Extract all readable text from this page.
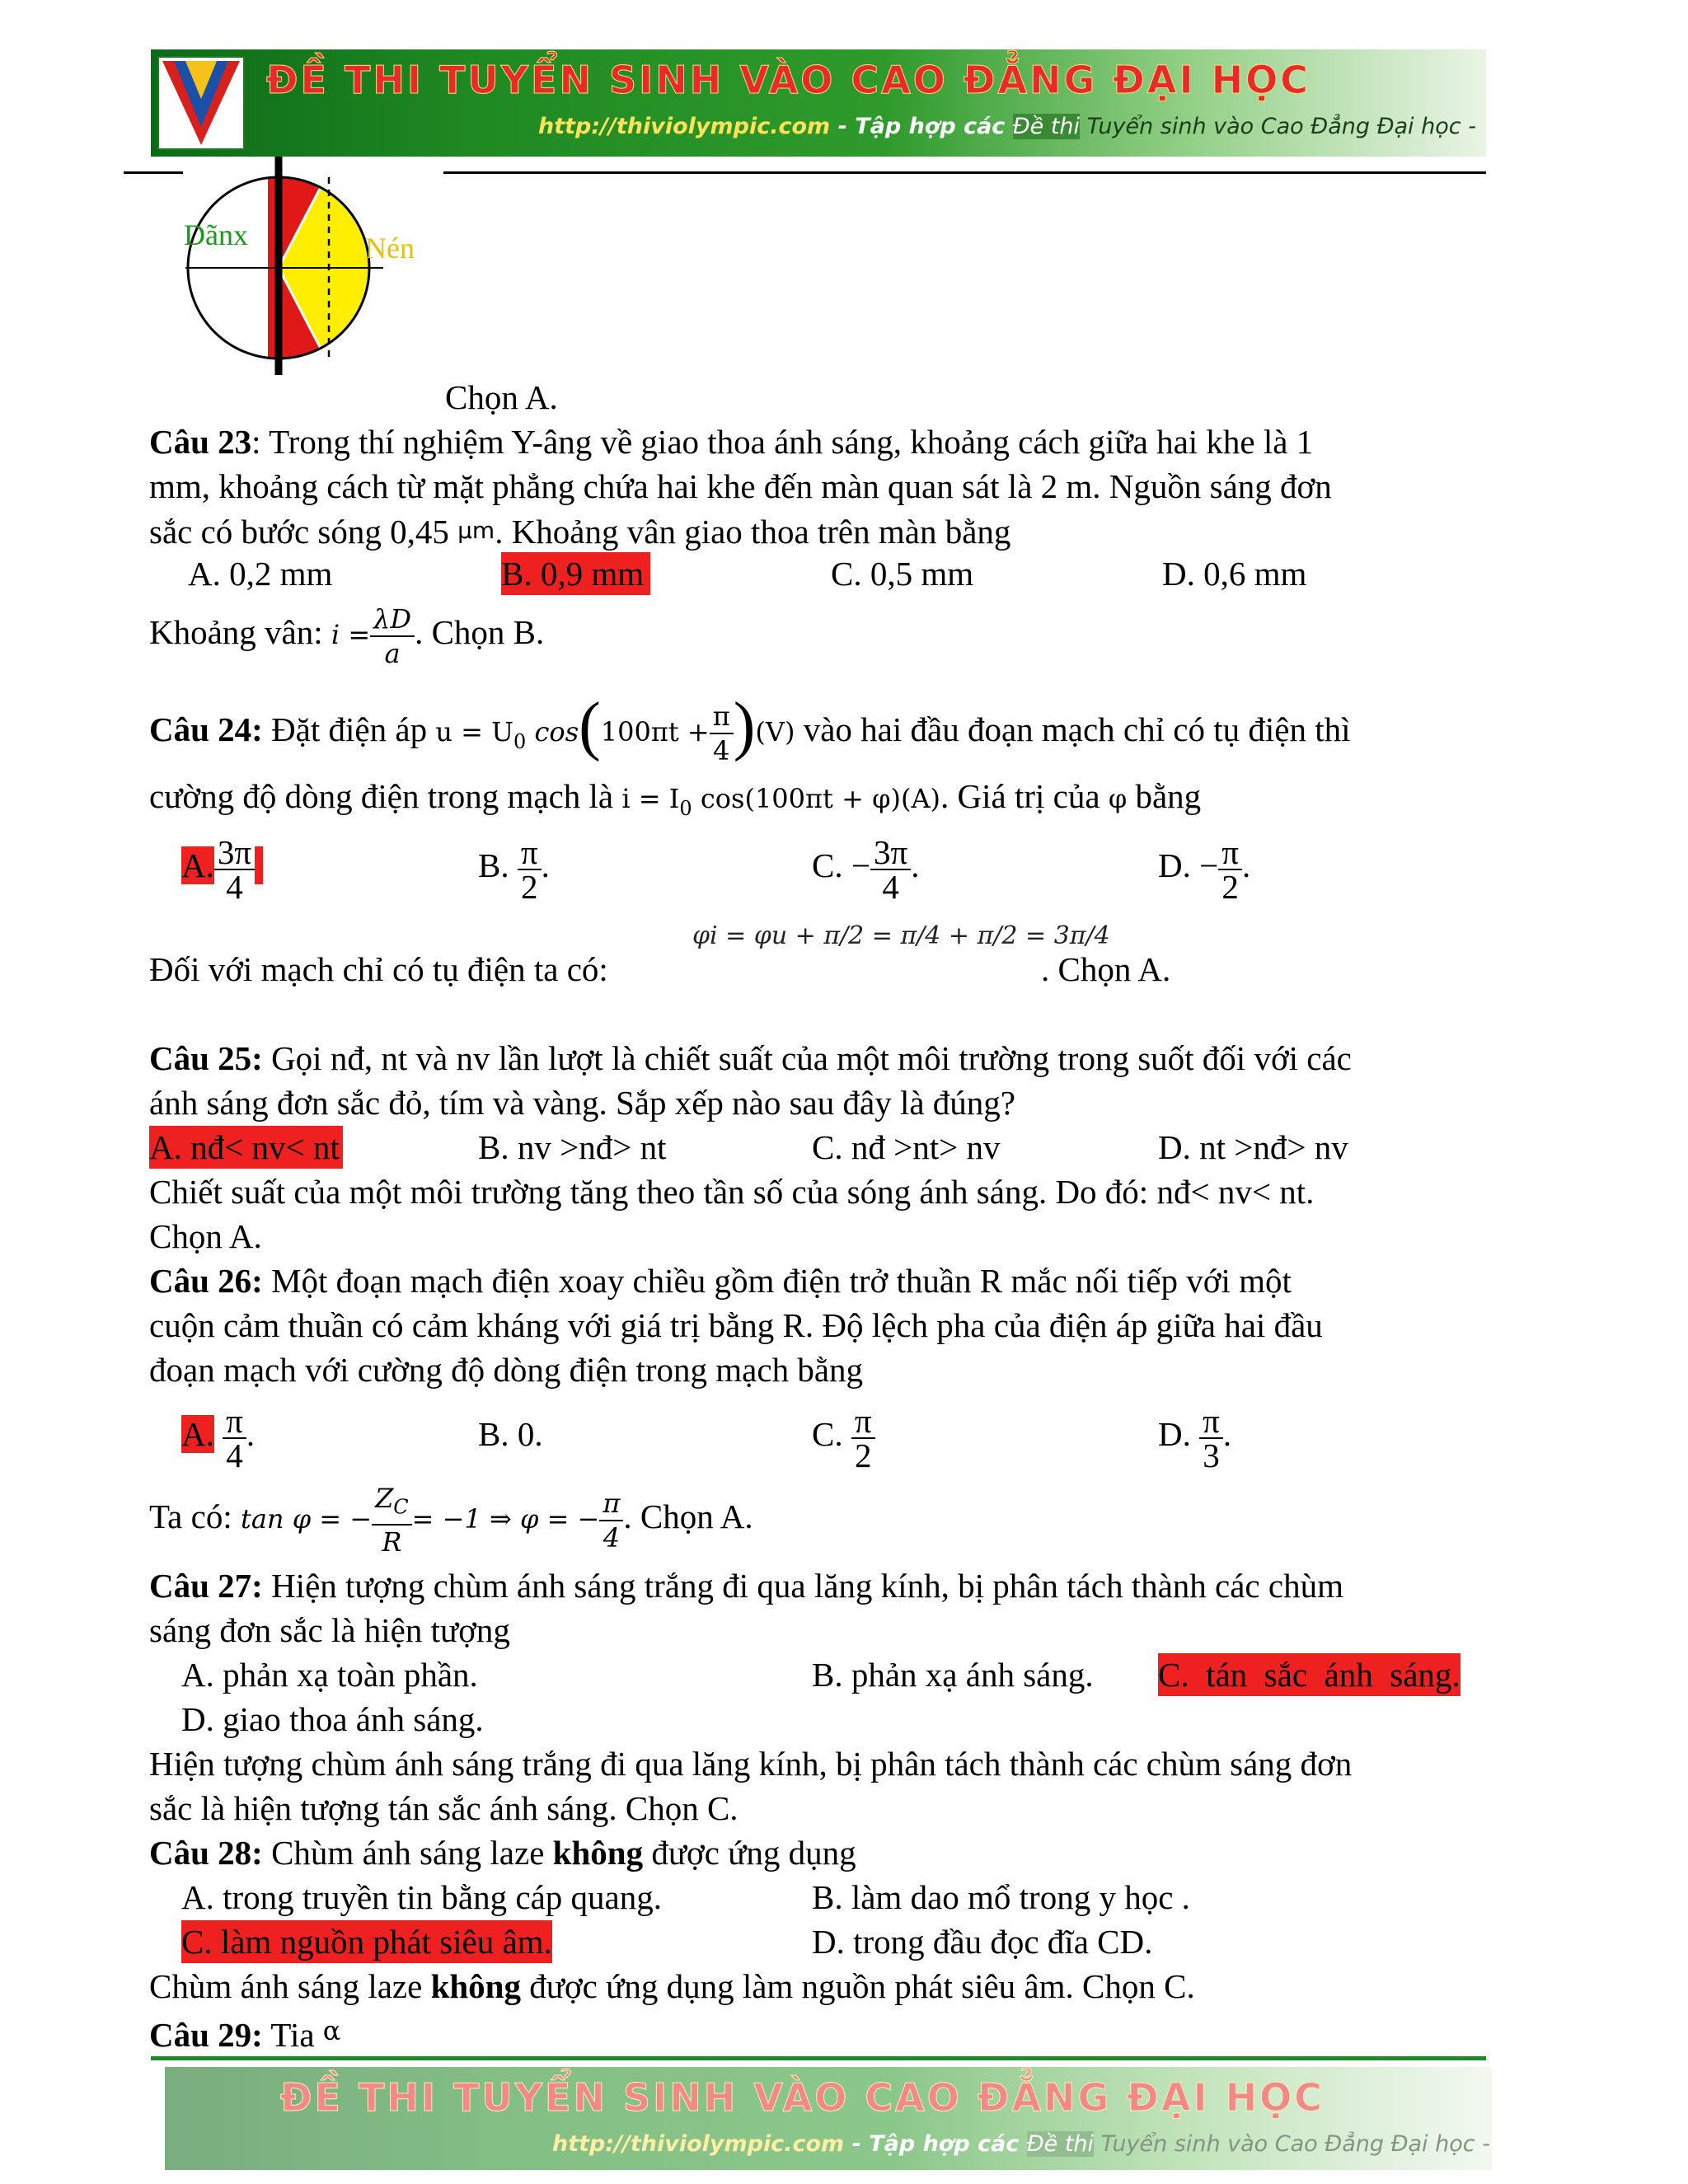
ĐỀ THI TUYỂN SINH VÀO CAO ĐẲNG ĐẠI HỌC
http://thiviolympic.com - Tập hợp các Đề thi Tuyển sinh vào Cao Đẳng Đại học -
Dãnx	Nén
Chọn A.
Câu 23: Trong thí nghiệm Y-âng về giao thoa ánh sáng, khoảng cách giữa hai khe là 1
mm, khoảng cách từ mặt phẳng chứa hai khe đến màn quan sát là 2 m. Nguồn sáng đơn
sắc có bước sóng 0,45 μm. Khoảng vân giao thoa trên màn bằng
A. 0,2 mm	B. 0,9 mm	C. 0,5 mm	D. 0,6 mm
Khoảng vân: $i = \frac{\lambda D}{a}$ . Chọn B.
Câu 24: Đặt điện áp $u = U_0$ $\cos(100\pi t + \frac{\pi}{4} )(V)$ vào hai đầu đoạn mạch chỉ có tụ điện thì
cường độ dòng điện trong mạch là $i = I_0$ cos(100πt + φ)(A). Giá trị của φ bằng
A. $\frac{3\pi}{4}$
	B. $\frac{\pi}{2}$ .	C. − $\frac{3\pi}{4}$ .	D. − $\frac{\pi}{2}$ .
Đối với mạch chỉ có tụ điện ta có:
φi = φu + π/2 = π/4 + π/2 = 3π/4
. Chọn A.
Câu 25: Gọi nđ, nt và nv lần lượt là chiết suất của một môi trường trong suốt đối với các
ánh sáng đơn sắc đỏ, tím và vàng. Sắp xếp nào sau đây là đúng?
A. nđ< nv< nt	B. nv >nđ> nt	C. nđ >nt> nv	D. nt >nđ> nv
Chiết suất của một môi trường tăng theo tần số của sóng ánh sáng. Do đó: nđ< nv< nt.
Chọn A.
Câu 26: Một đoạn mạch điện xoay chiều gồm điện trở thuần R mắc nối tiếp với một
cuộn cảm thuần có cảm kháng với giá trị bằng R. Độ lệch pha của điện áp giữa hai đầu
đoạn mạch với cường độ dòng điện trong mạch bằng
A. $\frac{\pi}{4}$ .	B. 0.	C. $\frac{\pi}{2}$	D. $\frac{\pi}{3}$ .
Ta có: tan φ = − $\frac{Z_C}{R} = -1$ ⇒ φ = − $\frac{\pi}{4}$ . Chọn A.
Câu 27: Hiện tượng chùm ánh sáng trắng đi qua lăng kính, bị phân tách thành các chùm
sáng đơn sắc là hiện tượng
A. phản xạ toàn phần.	B. phản xạ ánh sáng. C.  tán  sắc  ánh  sáng.
D. giao thoa ánh sáng.
Hiện tượng chùm ánh sáng trắng đi qua lăng kính, bị phân tách thành các chùm sáng đơn
sắc là hiện tượng tán sắc ánh sáng. Chọn C.
Câu 28: Chùm ánh sáng laze không được ứng dụng
A. trong truyền tin bằng cáp quang.	B. làm dao mổ trong y học .
C. làm nguồn phát siêu âm.	D. trong đầu đọc đĩa CD.
Chùm ánh sáng laze không được ứng dụng làm nguồn phát siêu âm. Chọn C.
Câu 29: Tia α
ĐỀ THI TUYỂN SINH VÀO CAO ĐẲNG ĐẠI HỌC
http://thiviolympic.com - Tập hợp các Đề thi Tuyển sinh vào Cao Đẳng Đại học -
